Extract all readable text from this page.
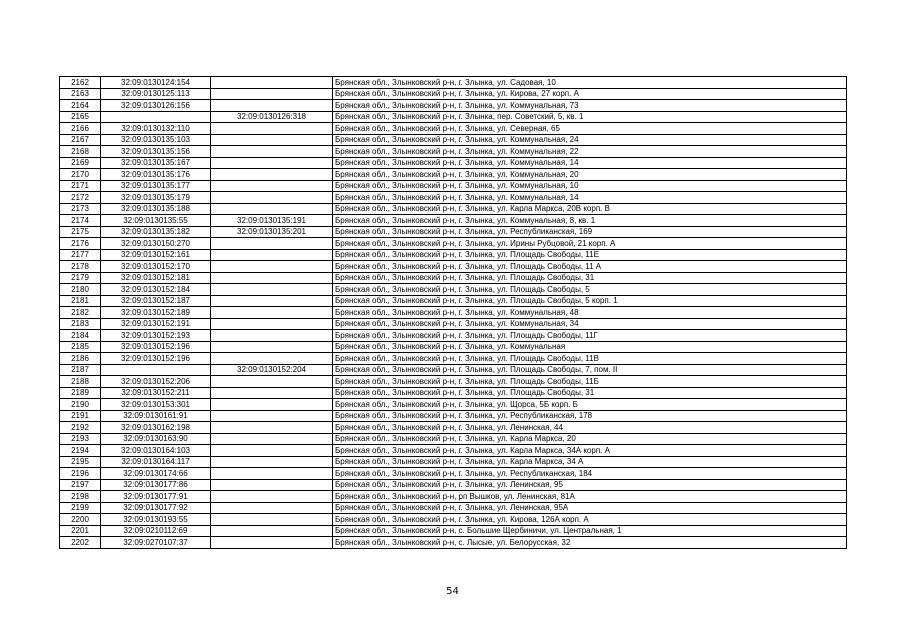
2162	32:09:0130124:154		Брянская обл., Злынковский р-н, г. Злынка, ул. Садовая, 10
2163	32:09:0130125:113		Брянская обл., Злынковский р-н, г. Злынка, ул. Кирова, 27 корп. А
2164	32:09:0130126:156		Брянская обл., Злынковский р-н, г. Злынка, ул. Коммунальная, 73
2165		32:09:0130126:318	Брянская обл., Злынковский р-н, г. Злынка, пер. Советский, 5, кв. 1
2166	32:09:0130132:110		Брянская обл., Злынковский р-н, г. Злынка, ул. Северная, 65
2167	32:09:0130135:103		Брянская обл., Злынковский р-н, г. Злынка, ул. Коммунальная, 24
2168	32:09:0130135:156		Брянская обл., Злынковский р-н, г. Злынка, ул. Коммунальная, 22
2169	32:09:0130135:167		Брянская обл., Злынковский р-н, г. Злынка, ул. Коммунальная, 14
2170	32:09:0130135:176		Брянская обл., Злынковский р-н, г. Злынка, ул. Коммунальная, 20
2171	32:09:0130135:177		Брянская обл., Злынковский р-н, г. Злынка, ул. Коммунальная, 10
2172	32:09:0130135:179		Брянская обл., Злынковский р-н, г. Злынка, ул. Коммунальная, 14
2173	32:09:0130135:188		Брянская обл., Злынковский р-н, г. Злынка, ул. Карла Маркса, 20В корп. В
2174	32:09:0130135:55	32:09:0130135:191	Брянская обл., Злынковский р-н, г. Злынка, ул. Коммунальная, 8, кв. 1
2175	32:09:0130135:182	32:09:0130135:201	Брянская обл., Злынковский р-н, г. Злынка, ул. Республиканская, 169
2176	32:09:0130150:270		Брянская обл., Злынковский р-н, г. Злынка, ул. Ирины Рубцовой, 21 корп. А
2177	32:09:0130152:161		Брянская обл., Злынковский р-н, г. Злынка, ул. Площадь Свободы, 11Е
2178	32:09:0130152:170		Брянская обл., Злынковский р-н, г. Злынка, ул. Площадь Свободы, 11 А
2179	32:09:0130152:181		Брянская обл., Злынковский р-н, г. Злынка, ул. Площадь Свободы, 31
2180	32:09:0130152:184		Брянская обл., Злынковский р-н, г. Злынка, ул. Площадь Свободы, 5
2181	32:09:0130152:187		Брянская обл., Злынковский р-н, г. Злынка, ул. Площадь Свободы, 5 корп. 1
2182	32:09:0130152:189		Брянская обл., Злынковский р-н, г. Злынка, ул. Коммунальная, 48
2183	32:09:0130152:191		Брянская обл., Злынковский р-н, г. Злынка, ул. Коммунальная, 34
2184	32:09:0130152:193		Брянская обл., Злынковский р-н, г. Злынка, ул. Площадь Свободы, 11Г
2185	32:09:0130152:196		Брянская обл., Злынковский р-н, г. Злынка, ул. Коммунальная
2186	32:09:0130152:196		Брянская обл., Злынковский р-н, г. Злынка, ул. Площадь Свободы, 11В
2187		32:09:0130152:204	Брянская обл., Злынковский р-н, г. Злынка, ул. Площадь Свободы, 7, пом. II
2188	32:09:0130152:206		Брянская обл., Злынковский р-н, г. Злынка, ул. Площадь Свободы, 11Б
2189	32:09:0130152:211		Брянская обл., Злынковский р-н, г. Злынка, ул. Площадь Свободы, 31
2190	32:09:0130153:301		Брянская обл., Злынковский р-н, г. Злынка, ул. Щорса, 5Б корп. Б
2191	32:09:0130161:91		Брянская обл., Злынковский р-н, г. Злынка, ул. Республиканская, 178
2192	32:09:0130162:198		Брянская обл., Злынковский р-н, г. Злынка, ул. Ленинская, 44
2193	32:09:0130163:90		Брянская обл., Злынковский р-н, г. Злынка, ул. Карла Маркса, 20
2194	32:09:0130164:103		Брянская обл., Злынковский р-н, г. Злынка, ул. Карла Маркса, 34А корп. А
2195	32:09:0130164:117		Брянская обл., Злынковский р-н, г. Злынка, ул. Карла Маркса, 34 А
2196	32:09:0130174:66		Брянская обл., Злынковский р-н, г. Злынка, ул. Республиканская, 184
2197	32:09:0130177:86		Брянская обл., Злынковский р-н, г. Злынка, ул. Ленинская, 95
2198	32:09:0130177:91		Брянская обл., Злынковский р-н, рп Вышков, ул. Ленинская, 81А
2199	32:09:0130177:92		Брянская обл., Злынковский р-н, г. Злынка, ул. Ленинская, 95А
2200	32:09:0130193:55		Брянская обл., Злынковский р-н, г. Злынка, ул. Кирова, 126А корп. А
2201	32:09:0210112:69		Брянская обл., Злынковский р-н, с. Большие Щербиничи, ул. Центральная, 1
2202	32:09:0270107:37		Брянская обл., Злынковский р-н, с. Лысые, ул. Белорусская, 32
54
